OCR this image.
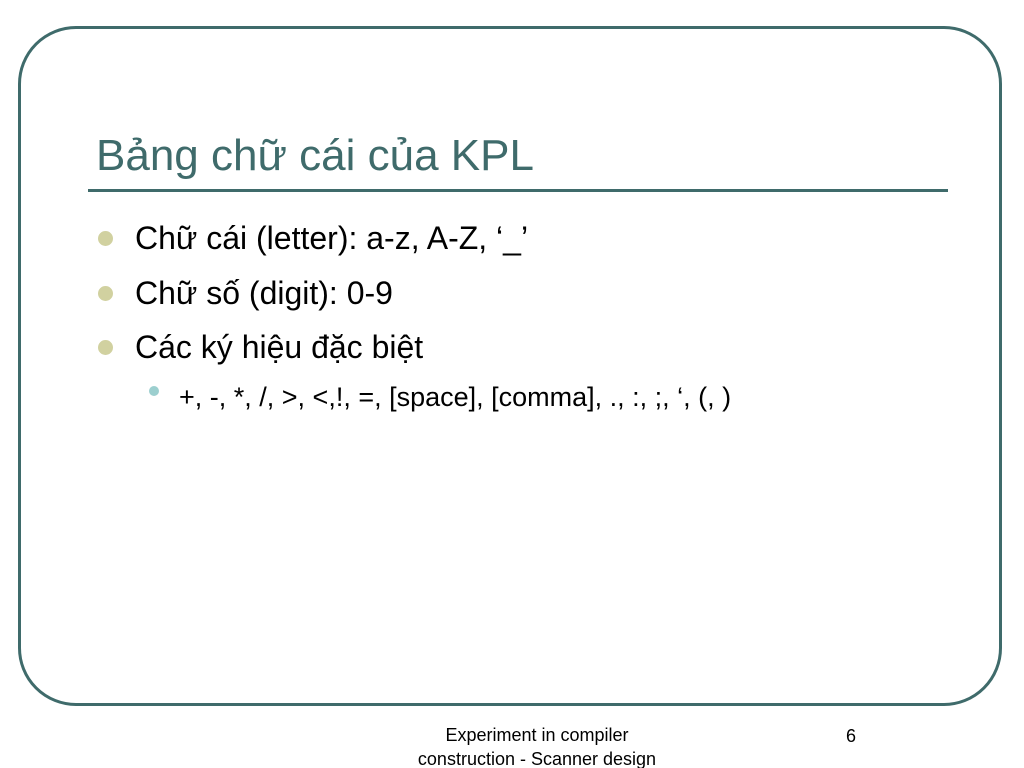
Bảng chữ cái của KPL
Chữ cái (letter): a-z, A-Z, ‘_’
Chữ số (digit): 0-9
Các ký hiệu đặc biệt
+, -, *, /, >, <,!, =, [space], [comma], ., :, ;, ‘, (, )
Experiment in compiler
construction - Scanner design
6
